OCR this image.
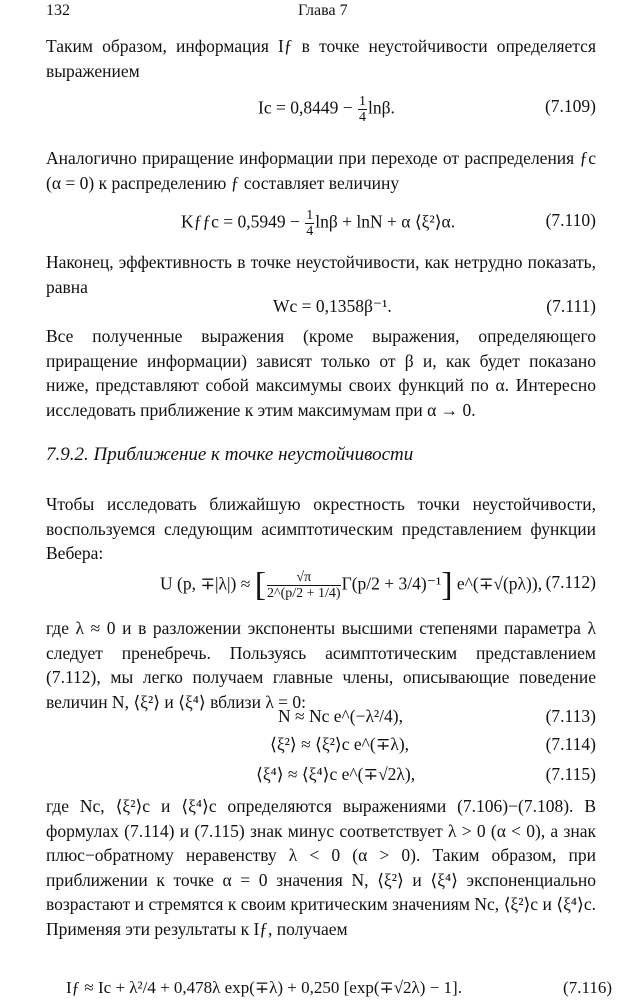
132	Глава 7

Таким образом, информация Iƒ в точке неустойчивости определяется выражением

$Ic = 0,8449 - \frac{1}{4} \ln\beta$.	(7.109)

Аналогично приращение информации при переходе от распределения ƒc (α = 0) к распределению ƒ составляет величину

Kƒƒc = $0,5949 - \frac{1}{4}$ lnβ + lnN + α ⟨ξ²⟩α.	(7.110)

Наконец, эффективность в точке неустойчивости, как нетрудно показать, равна

Wc = 0,1358β⁻¹.	(7.111)

Все полученные выражения (кроме выражения, определяющего приращение информации) зависят только от β и, как будет показано ниже, представляют собой максимумы своих функций по α. Интересно исследовать приближение к этим максимумам при α → 0.

7.9.2. Приближение к точке неустойчивости

Чтобы исследовать ближайшую окрестность точки неустойчивости, воспользуемся следующим асимптотическим представлением функции Вебера:

U (p, ∓|λ|) ≈ [ $\frac{√\pi}{2\^{}(p/2 + 1/4)} \Gamma(p/2 + 3/4)^{-1}$] e^(∓√(pλ)), (7.112)

где λ ≈ 0 и в разложении экспоненты высшими степенями параметра λ следует пренебречь. Пользуясь асимптотическим представлением (7.112), мы легко получаем главные члены, описывающие поведение величин N, ⟨ξ²⟩ и ⟨ξ⁴⟩ вблизи λ = 0:

N ≈ Nc e^(−λ²/4),	(7.113)
⟨ξ²⟩ ≈ ⟨ξ²⟩c e^(∓λ),	(7.114)
⟨ξ⁴⟩ ≈ ⟨ξ⁴⟩c e^(∓√2λ),	(7.115)

где Nc, ⟨ξ²⟩c и ⟨ξ⁴⟩c определяются выражениями (7.106)−(7.108). В формулах (7.114) и (7.115) знак минус соответствует λ > 0 (α < 0), а знак плюс−обратному неравенству λ < 0 (α > 0). Таким образом, при приближении к точке α = 0 значения N, ⟨ξ²⟩ и ⟨ξ⁴⟩ экспоненциально возрастают и стремятся к своим критическим значениям Nc, ⟨ξ²⟩c и ⟨ξ⁴⟩c. Применяя эти результаты к Iƒ, получаем

Iƒ ≈ Ic + λ²/4 + 0,478λ exp(∓λ) + 0,250 [exp(∓√2λ) − 1].	(7.116)
